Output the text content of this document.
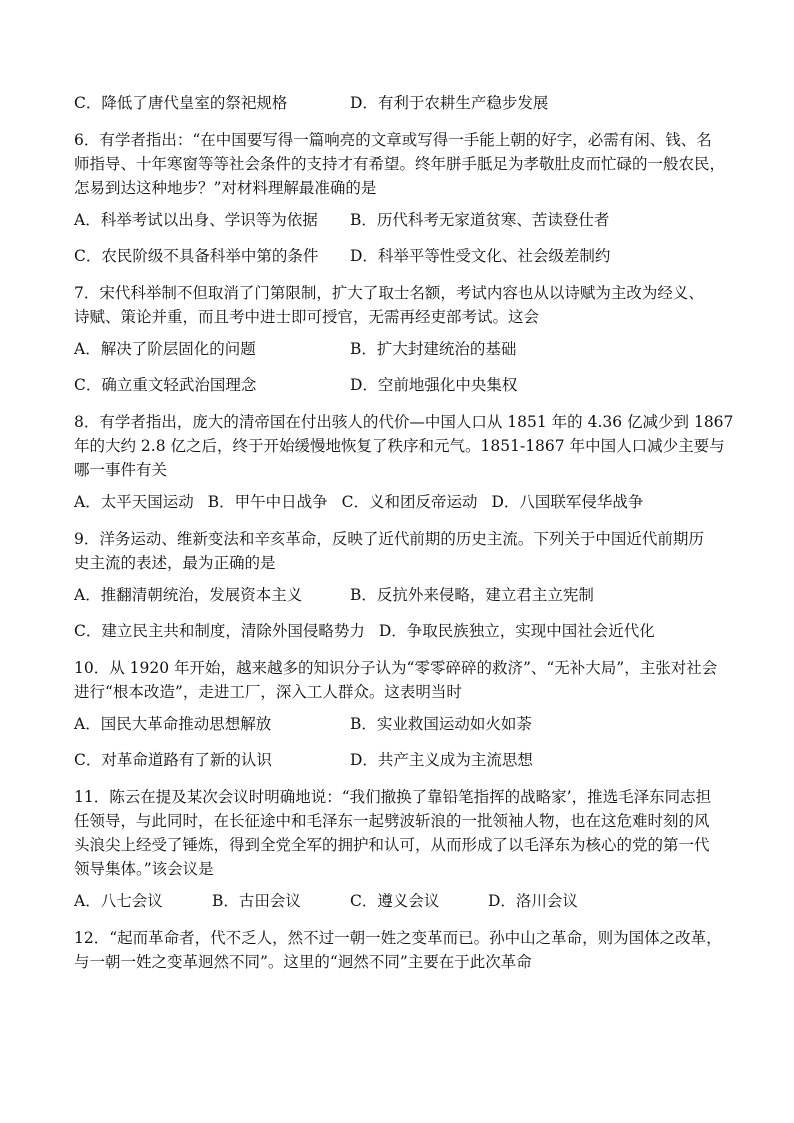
C．降低了唐代皇室的祭祀规格	D．有利于农耕生产稳步发展
6．有学者指出：“在中国要写得一篇响亮的文章或写得一手能上朝的好字，必需有闲、钱、名
师指导、十年寒窗等等社会条件的支持才有希望。终年胼手胝足为孝敬肚皮而忙碌的一般农民，
怎易到达这种地步？”对材料理解最准确的是
A．科举考试以出身、学识等为依据	B．历代科考无家道贫寒、苦读登仕者
C．农民阶级不具备科举中第的条件	D．科举平等性受文化、社会级差制约
7．宋代科举制不但取消了门第限制，扩大了取士名额，考试内容也从以诗赋为主改为经义、
诗赋、策论并重，而且考中进士即可授官，无需再经吏部考试。这会
A．解决了阶层固化的问题	B．扩大封建统治的基础
C．确立重文轻武治国理念	D．空前地强化中央集权
8．有学者指出，庞大的清帝国在付出骇人的代价—中国人口从 1851 年的 4.36 亿减少到 1867
年的大约 2.8 亿之后，终于开始缓慢地恢复了秩序和元气。1851-1867 年中国人口减少主要与
哪一事件有关
A．太平天国运动 B．甲午中日战争 C．义和团反帝运动 D．八国联军侵华战争
9．洋务运动、维新变法和辛亥革命，反映了近代前期的历史主流。下列关于中国近代前期历
史主流的表述，最为正确的是
A．推翻清朝统治，发展资本主义	B．反抗外来侵略，建立君主立宪制
C．建立民主共和制度，清除外国侵略势力 D．争取民族独立，实现中国社会近代化
10．从 1920 年开始，越来越多的知识分子认为“零零碎碎的救济”、“无补大局”，主张对社会
进行“根本改造”，走进工厂，深入工人群众。这表明当时
A．国民大革命推动思想解放	B．实业救国运动如火如荼
C．对革命道路有了新的认识	D．共产主义成为主流思想
11．陈云在提及某次会议时明确地说：“我们撤换了靠铅笔指挥的战略家’，推选毛泽东同志担
任领导，与此同时，在长征途中和毛泽东一起劈波斩浪的一批领袖人物，也在这危难时刻的风
头浪尖上经受了锤炼，得到全党全军的拥护和认可，从而形成了以毛泽东为核心的党的第一代
领导集体。”该会议是
A．八七会议	B．古田会议	C．遵义会议	D．洛川会议
12．“起而革命者，代不乏人，然不过一朝一姓之变革而已。孙中山之革命，则为国体之改革，
与一朝一姓之变革迥然不同”。这里的“迥然不同”主要在于此次革命
